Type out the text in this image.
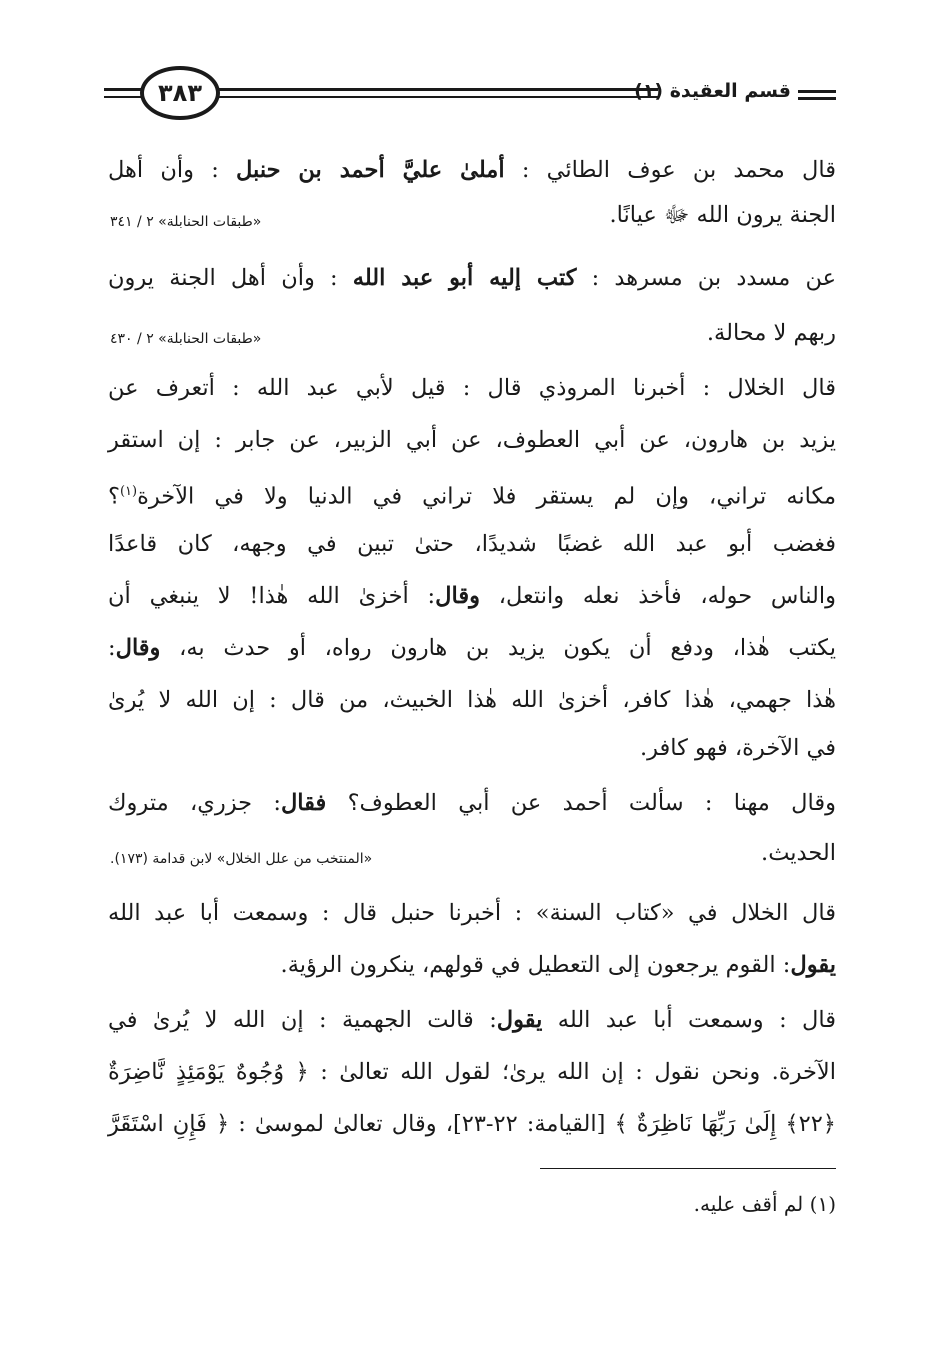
٣٨٣	قسم العقيدة (١)
قال محمد بن عوف الطائي : أملىٰ عليَّ أحمد بن حنبل : وأن أهل
الجنة يرون الله ﷻ عيانًا.
«طبقات الحنابلة» ٢ / ٣٤١
عن مسدد بن مسرهد : كتب إليه أبو عبد الله : وأن أهل الجنة يرون
ربهم لا محالة.
«طبقات الحنابلة» ٢ / ٤٣٠
قال الخلال : أخبرنا المروذي قال : قيل لأبي عبد الله : أتعرف عن
يزيد بن هارون، عن أبي العطوف، عن أبي الزبير، عن جابر : إن استقر
مكانه تراني، وإن لم يستقر فلا تراني في الدنيا ولا في الآخرة$^{(١)}$؟
فغضب أبو عبد الله غضبًا شديدًا، حتىٰ تبين في وجهه، كان قاعدًا
والناس حوله، فأخذ نعله وانتعل، وقال: أخزىٰ الله هٰذا! لا ينبغي أن
يكتب هٰذا، ودفع أن يكون يزيد بن هارون رواه، أو حدث به، وقال:
هٰذا جهمي، هٰذا كافر، أخزىٰ الله هٰذا الخبيث، من قال : إن الله لا يُرىٰ
في الآخرة، فهو كافر.
وقال مهنا : سألت أحمد عن أبي العطوف؟ فقال: جزري، متروك
الحديث.
«المنتخب من علل الخلال» لابن قدامة (١٧٣).
قال الخلال في «كتاب السنة» : أخبرنا حنبل قال : وسمعت أبا عبد الله
يقول: القوم يرجعون إلى التعطيل في قولهم، ينكرون الرؤية.
قال : وسمعت أبا عبد الله يقول: قالت الجهمية : إن الله لا يُرىٰ في
الآخرة. ونحن نقول : إن الله يرىٰ؛ لقول الله تعالىٰ : ﴿ وُجُوهٌ يَوْمَئِذٍ نَّاضِرَةٌ
﴿٢٢﴾ إِلَىٰ رَبِّهَا نَاظِرَةٌ ﴾ [القيامة: ٢٢-٢٣]، وقال تعالىٰ لموسىٰ : ﴿ فَإِنِ اسْتَقَرَّ
(١) لم أقف عليه.
